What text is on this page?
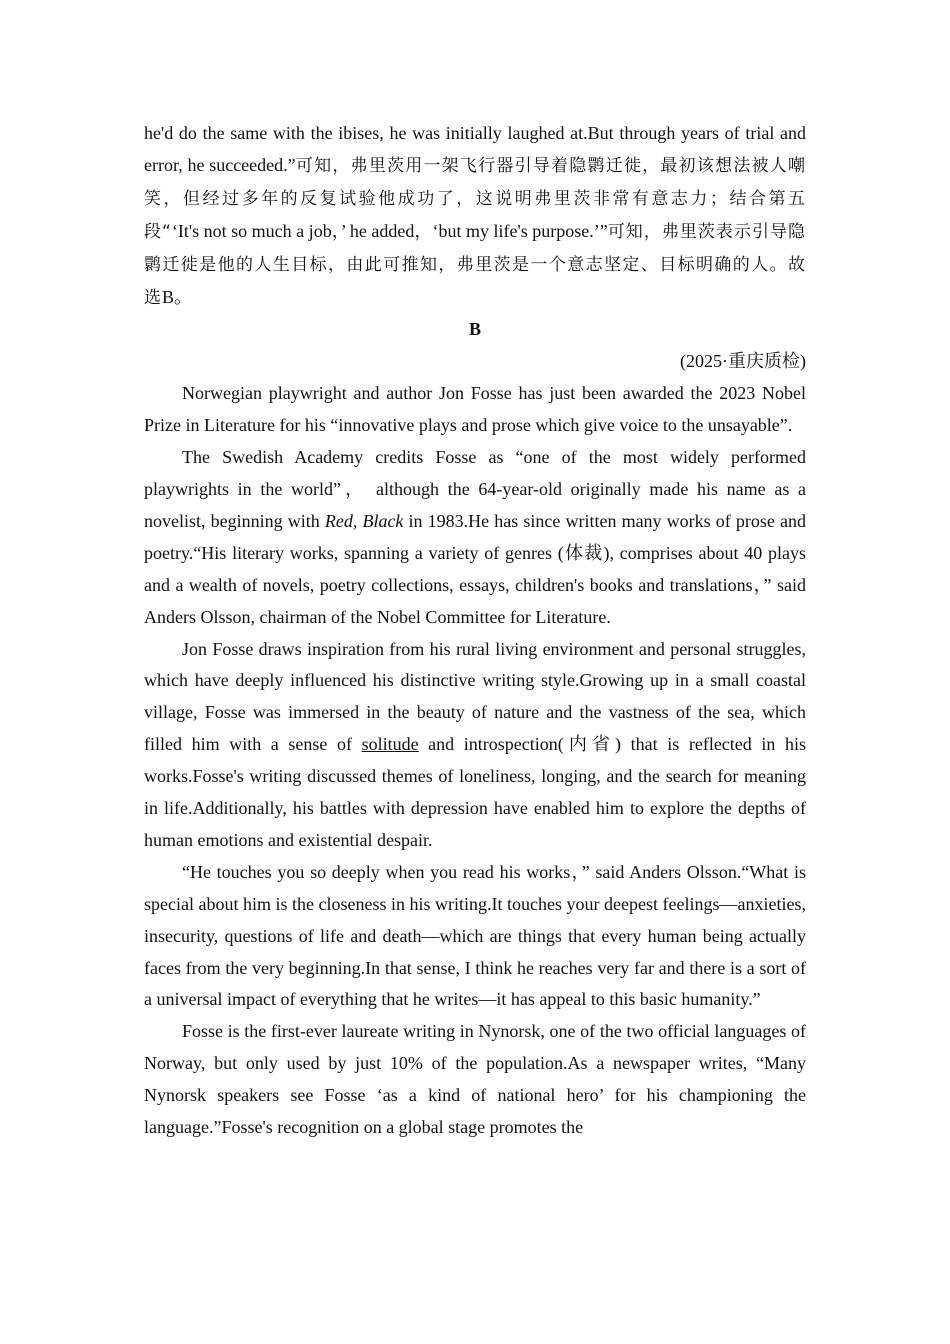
he'd do the same with the ibises, he was initially laughed at.But through years of trial and error, he succeeded.”可知，弗里茨用一架飞行器引导着隐鹮迁徙，最初该想法被人嘲笑，但经过多年的反复试验他成功了，这说明弗里茨非常有意志力；结合第五段“‘It's not so much a job，’ he added，‘but my life's purpose.’”可知，弗里茨表示引导隐鹮迁徙是他的人生目标，由此可推知，弗里茨是一个意志坚定、目标明确的人。故选B。

B

(2025·重庆质检)

Norwegian playwright and author Jon Fosse has just been awarded the 2023 Nobel Prize in Literature for his “innovative plays and prose which give voice to the unsayable”.

The Swedish Academy credits Fosse as “one of the most widely performed playwrights in the world”， although the 64-year-old originally made his name as a novelist, beginning with Red, Black in 1983.He has since written many works of prose and poetry.“His literary works, spanning a variety of genres (体裁), comprises about 40 plays and a wealth of novels, poetry collections, essays, children's books and translations，” said Anders Olsson, chairman of the Nobel Committee for Literature.

Jon Fosse draws inspiration from his rural living environment and personal struggles, which have deeply influenced his distinctive writing style.Growing up in a small coastal village, Fosse was immersed in the beauty of nature and the vastness of the sea, which filled him with a sense of solitude and introspection(内省) that is reflected in his works.Fosse's writing discussed themes of loneliness, longing, and the search for meaning in life.Additionally, his battles with depression have enabled him to explore the depths of human emotions and existential despair.

“He touches you so deeply when you read his works，” said Anders Olsson.“What is special about him is the closeness in his writing.It touches your deepest feelings—anxieties, insecurity, questions of life and death—which are things that every human being actually faces from the very beginning.In that sense, I think he reaches very far and there is a sort of a universal impact of everything that he writes—it has appeal to this basic humanity.”

Fosse is the first-ever laureate writing in Nynorsk, one of the two official languages of Norway, but only used by just 10% of the population.As a newspaper writes, “Many Nynorsk speakers see Fosse ‘as a kind of national hero’ for his championing the language.”Fosse's recognition on a global stage promotes the
